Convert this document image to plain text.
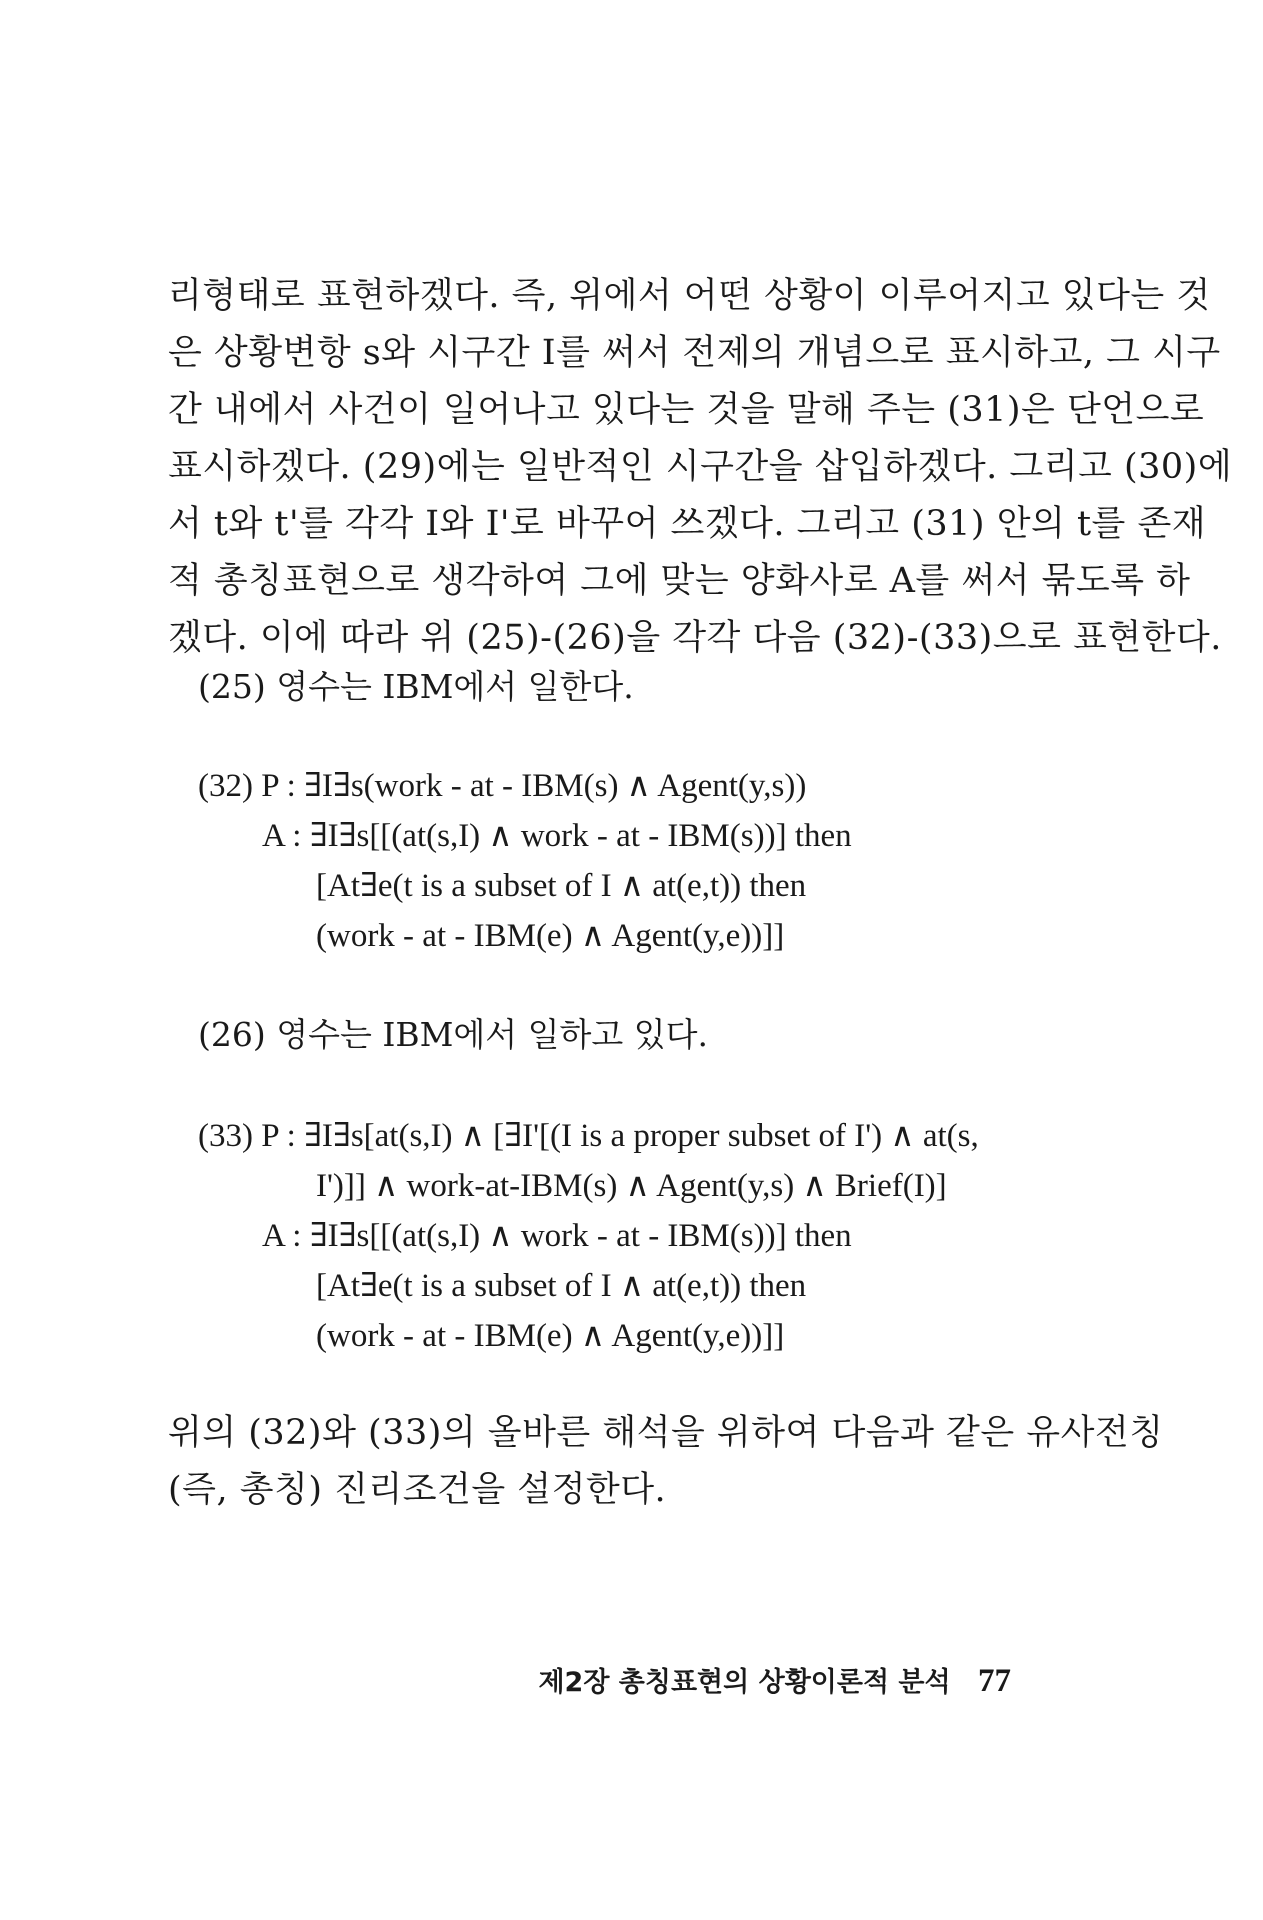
리형태로 표현하겠다. 즉, 위에서 어떤 상황이 이루어지고 있다는 것
은 상황변항 s와 시구간 I를 써서 전제의 개념으로 표시하고, 그 시구
간 내에서 사건이 일어나고 있다는 것을 말해 주는 (31)은 단언으로
표시하겠다. (29)에는 일반적인 시구간을 삽입하겠다. 그리고 (30)에
서 t와 t'를 각각 I와 I'로 바꾸어 쓰겠다. 그리고 (31) 안의 t를 존재
적 총칭표현으로 생각하여 그에 맞는 양화사로 A를 써서 묶도록 하
겠다. 이에 따라 위 (25)-(26)을 각각 다음 (32)-(33)으로 표현한다.
(25) 영수는 IBM에서 일한다.
(32) P : ∃I∃s(work - at - IBM(s) ∧ Agent(y,s))
A : ∃I∃s[[(at(s,I) ∧ work - at - IBM(s))] then
[At∃e(t is a subset of I ∧ at(e,t)) then
(work - at - IBM(e) ∧ Agent(y,e))]]
(26) 영수는 IBM에서 일하고 있다.
(33) P : ∃I∃s[at(s,I) ∧ [∃I'[(I is a proper subset of I') ∧ at(s,
I')]] ∧ work-at-IBM(s) ∧ Agent(y,s) ∧ Brief(I)]
A : ∃I∃s[[(at(s,I) ∧ work - at - IBM(s))] then
[At∃e(t is a subset of I ∧ at(e,t)) then
(work - at - IBM(e) ∧ Agent(y,e))]]
위의 (32)와 (33)의 올바른 해석을 위하여 다음과 같은 유사전칭
(즉, 총칭) 진리조건을 설정한다.
제2장 총칭표현의 상황이론적 분석 77
